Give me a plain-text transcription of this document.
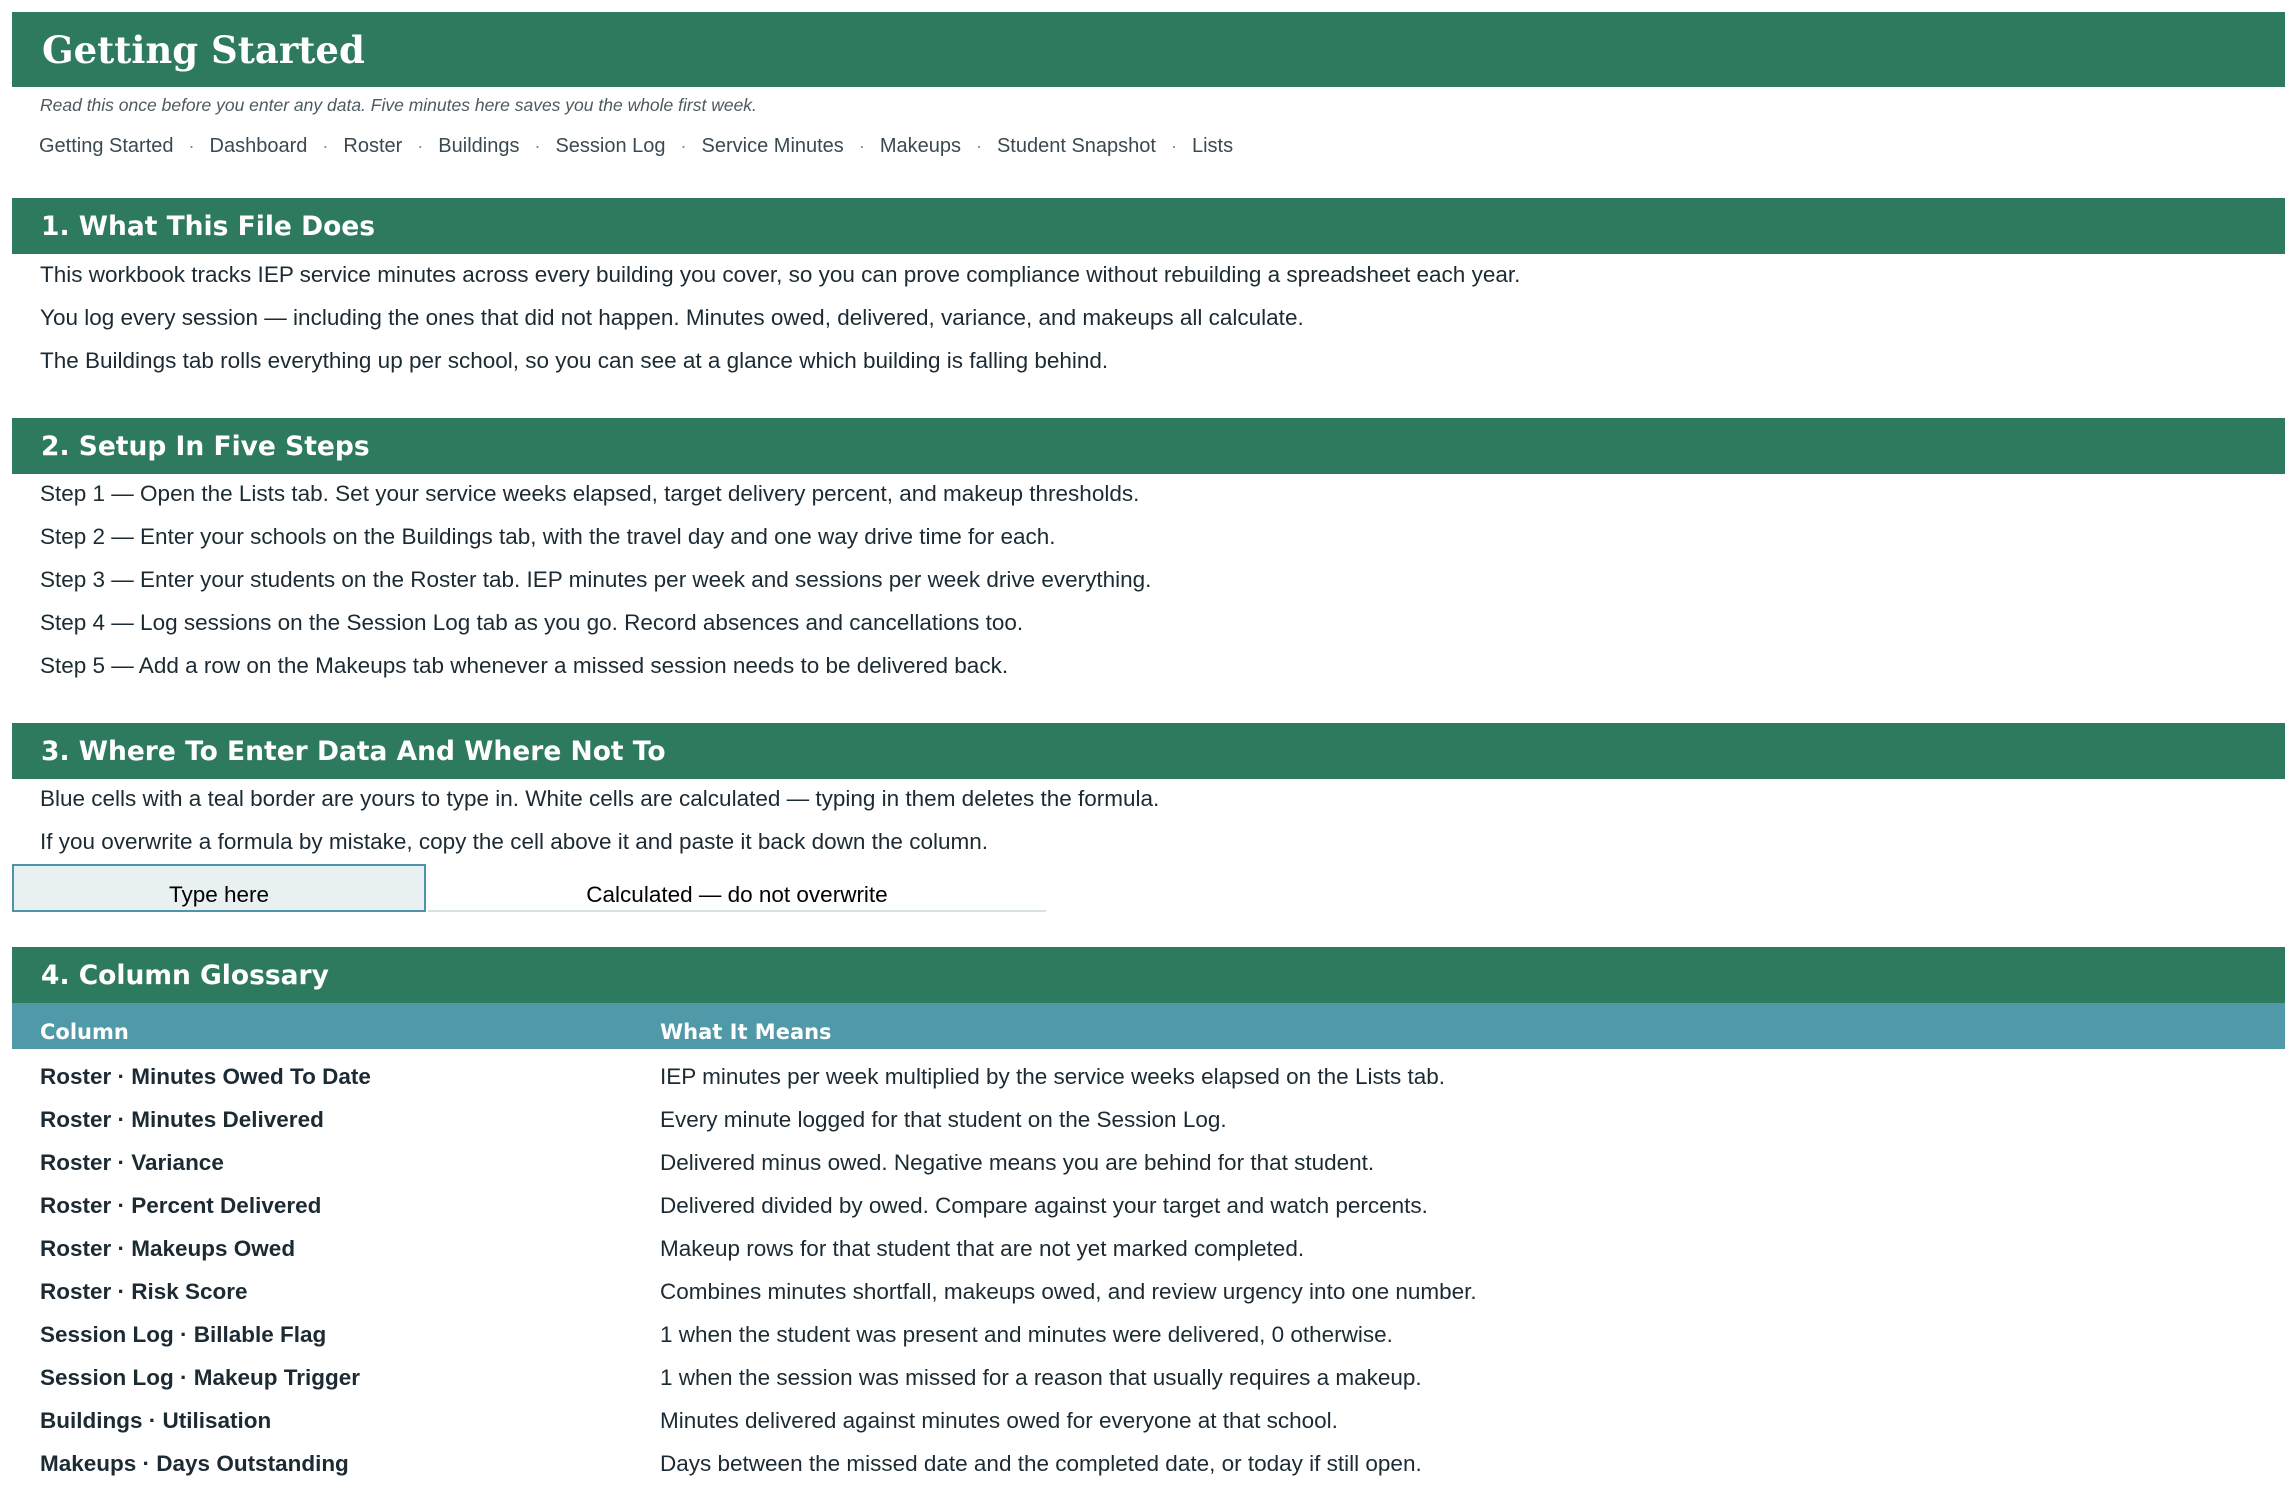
Getting Started
Read this once before you enter any data. Five minutes here saves you the whole first week.
Getting Started · Dashboard · Roster · Buildings · Session Log · Service Minutes · Makeups · Student Snapshot · Lists
1. What This File Does
This workbook tracks IEP service minutes across every building you cover, so you can prove compliance without rebuilding a spreadsheet each year.
You log every session — including the ones that did not happen. Minutes owed, delivered, variance, and makeups all calculate.
The Buildings tab rolls everything up per school, so you can see at a glance which building is falling behind.
2. Setup In Five Steps
Step 1 — Open the Lists tab. Set your service weeks elapsed, target delivery percent, and makeup thresholds.
Step 2 — Enter your schools on the Buildings tab, with the travel day and one way drive time for each.
Step 3 — Enter your students on the Roster tab. IEP minutes per week and sessions per week drive everything.
Step 4 — Log sessions on the Session Log tab as you go. Record absences and cancellations too.
Step 5 — Add a row on the Makeups tab whenever a missed session needs to be delivered back.
3. Where To Enter Data And Where Not To
Blue cells with a teal border are yours to type in. White cells are calculated — typing in them deletes the formula.
If you overwrite a formula by mistake, copy the cell above it and paste it back down the column.
Type here	Calculated — do not overwrite
4. Column Glossary
Column	What It Means
Roster · Minutes Owed To Date	IEP minutes per week multiplied by the service weeks elapsed on the Lists tab.
Roster · Minutes Delivered	Every minute logged for that student on the Session Log.
Roster · Variance	Delivered minus owed. Negative means you are behind for that student.
Roster · Percent Delivered	Delivered divided by owed. Compare against your target and watch percents.
Roster · Makeups Owed	Makeup rows for that student that are not yet marked completed.
Roster · Risk Score	Combines minutes shortfall, makeups owed, and review urgency into one number.
Session Log · Billable Flag	1 when the student was present and minutes were delivered, 0 otherwise.
Session Log · Makeup Trigger	1 when the session was missed for a reason that usually requires a makeup.
Buildings · Utilisation	Minutes delivered against minutes owed for everyone at that school.
Makeups · Days Outstanding	Days between the missed date and the completed date, or today if still open.
